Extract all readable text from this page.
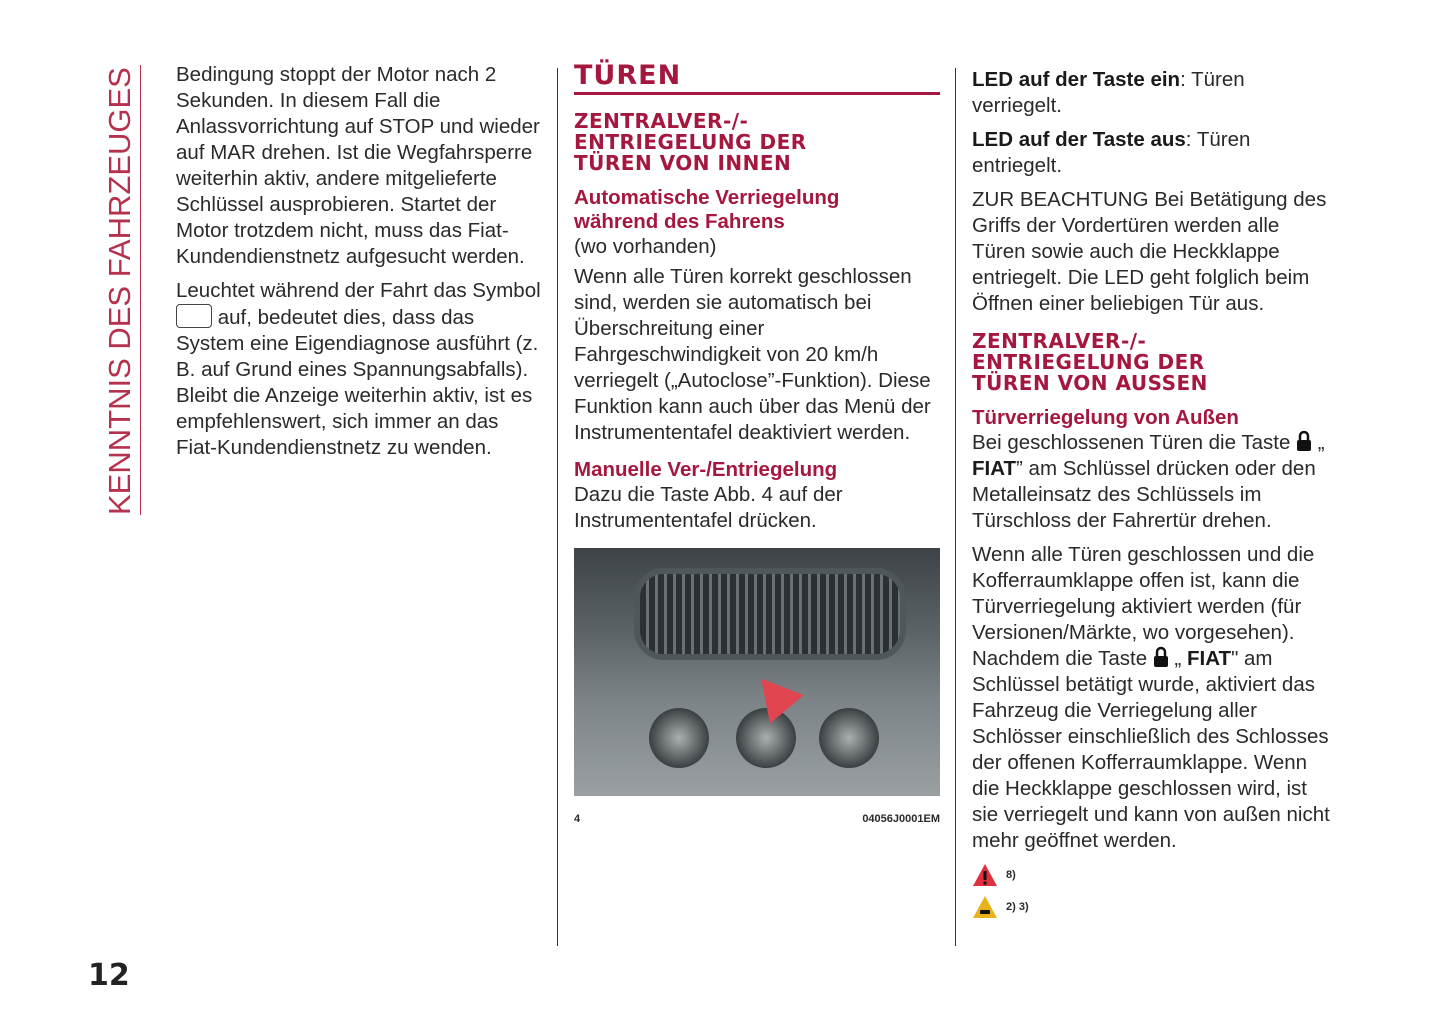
KENNTNIS DES FAHRZEUGES Bedingung stoppt der Motor nach 2 Sekunden. In diesem Fall die Anlassvorrichtung auf STOP und wieder auf MAR drehen. Ist die Wegfahrsperre weiterhin aktiv, andere mitgelieferte Schlüssel ausprobieren. Startet der Motor trotzdem nicht, muss das Fiat-Kundendienstnetz aufgesucht werden.

Leuchtet während der Fahrt das Symbol  auf, bedeutet dies, dass das System eine Eigendiagnose ausführt (z. B. auf Grund eines Spannungsabfalls). Bleibt die Anzeige weiterhin aktiv, ist es empfehlenswert, sich immer an das Fiat-Kundendienstnetz zu wenden.

TÜREN
ZENTRALVER-/-ENTRIEGELUNG DER TÜREN VON INNEN
Automatische Verriegelung während des Fahrens

(wo vorhanden)

Wenn alle Türen korrekt geschlossen sind, werden sie automatisch bei Überschreitung einer Fahrgeschwindigkeit von 20 km/h verriegelt („Autoclose”-Funktion). Diese Funktion kann auch über das Menü der Instrumententafel deaktiviert werden.

Manuelle Ver-/Entriegelung

Dazu die Taste Abb. 4 auf der Instrumententafel drücken.

4	04056J0001EM

LED auf der Taste ein: Türen verriegelt.

LED auf der Taste aus: Türen entriegelt.

ZUR BEACHTUNG Bei Betätigung des Griffs der Vordertüren werden alle Türen sowie auch die Heckklappe entriegelt. Die LED geht folglich beim Öffnen einer beliebigen Tür aus.

ZENTRALVER-/-ENTRIEGELUNG DER TÜREN VON AUSSEN
Türverriegelung von Außen

Bei geschlossenen Türen die Taste  „ FIAT” am Schlüssel drücken oder den Metalleinsatz des Schlüssels im Türschloss der Fahrertür drehen.

Wenn alle Türen geschlossen und die Kofferraumklappe offen ist, kann die Türverriegelung aktiviert werden (für Versionen/Märkte, wo vorgesehen). Nachdem die Taste  „ FIAT" am Schlüssel betätigt wurde, aktiviert das Fahrzeug die Verriegelung aller Schlösser einschließlich des Schlosses der offenen Kofferraumklappe. Wenn die Heckklappe geschlossen wird, ist sie verriegelt und kann von außen nicht mehr geöffnet werden.

8)
2) 3)
12
